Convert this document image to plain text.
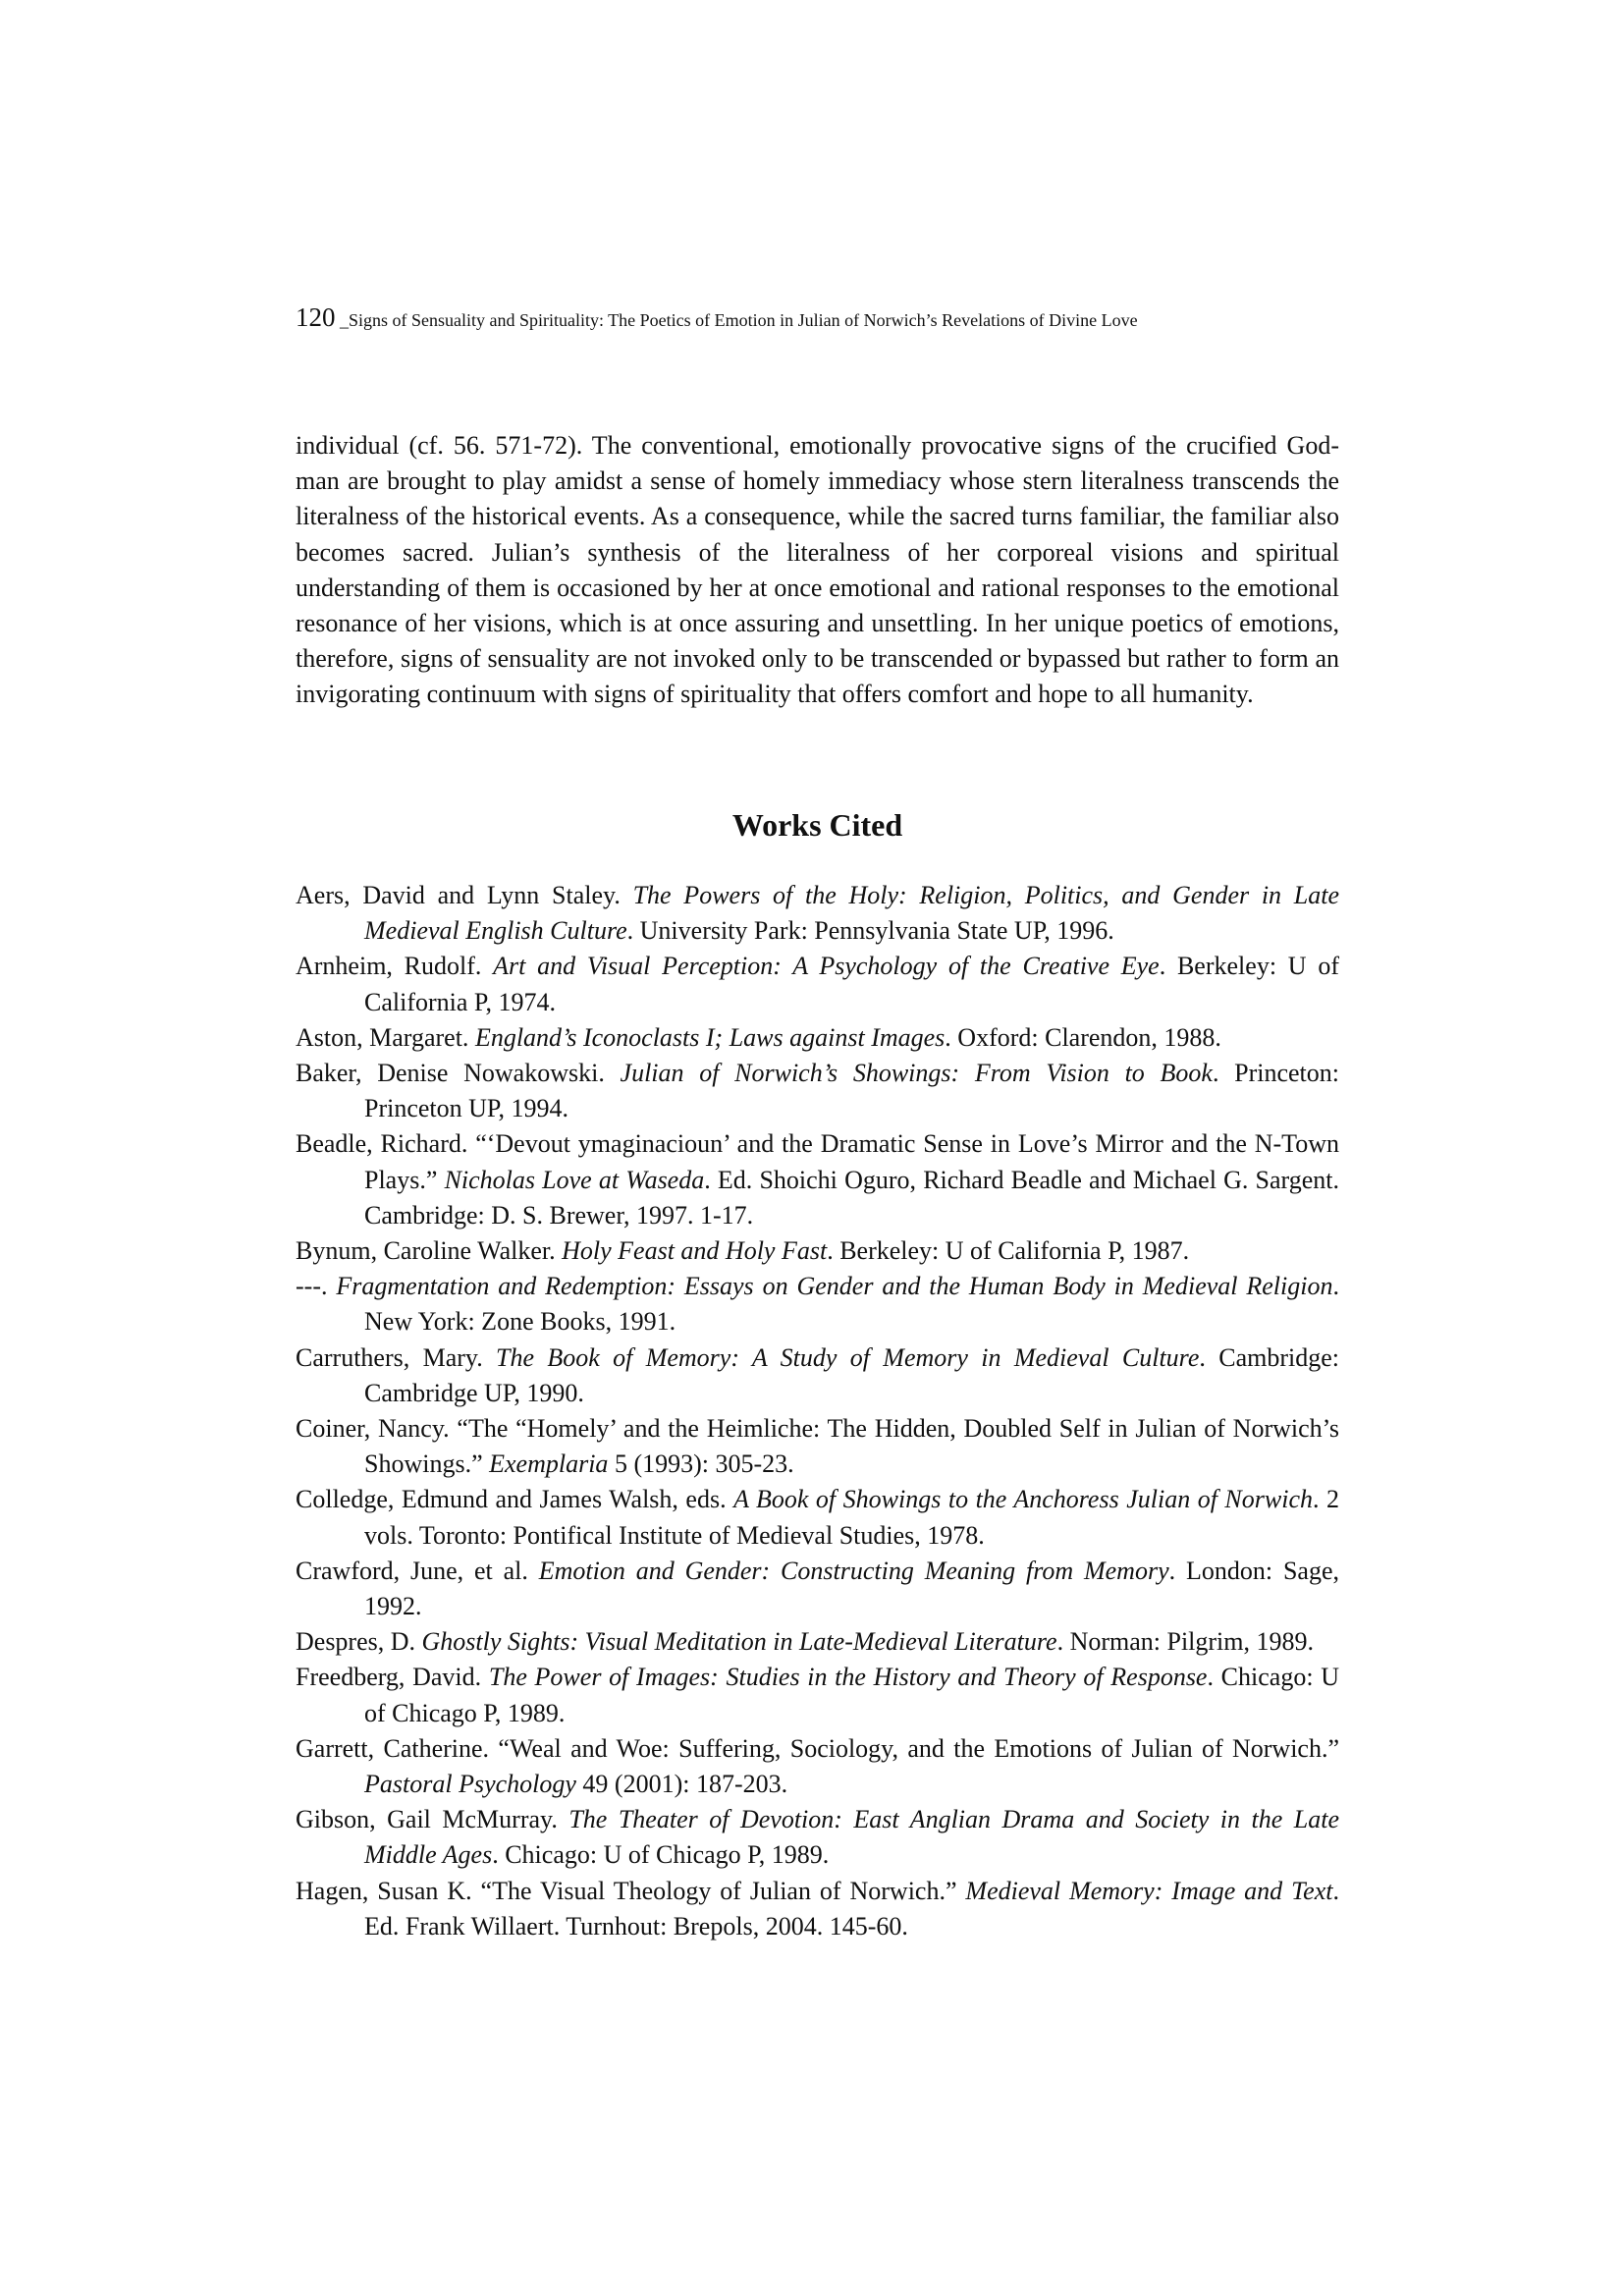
120 _Signs of Sensuality and Spirituality: The Poetics of Emotion in Julian of Norwich’s Revelations of Divine Love

individual (cf. 56. 571-72). The conventional, emotionally provocative signs of the crucified God-man are brought to play amidst a sense of homely immediacy whose stern literalness transcends the literalness of the historical events. As a consequence, while the sacred turns familiar, the familiar also becomes sacred. Julian’s synthesis of the literalness of her corporeal visions and spiritual understanding of them is occasioned by her at once emotional and rational responses to the emotional resonance of her visions, which is at once assuring and unsettling. In her unique poetics of emotions, therefore, signs of sensuality are not invoked only to be transcended or bypassed but rather to form an invigorating continuum with signs of spirituality that offers comfort and hope to all humanity.

Works Cited
Aers, David and Lynn Staley. The Powers of the Holy: Religion, Politics, and Gender in Late Medieval English Culture. University Park: Pennsylvania State UP, 1996.
Arnheim, Rudolf. Art and Visual Perception: A Psychology of the Creative Eye. Berkeley: U of California P, 1974.
Aston, Margaret. England’s Iconoclasts I; Laws against Images. Oxford: Clarendon, 1988.
Baker, Denise Nowakowski. Julian of Norwich’s Showings: From Vision to Book. Princeton: Princeton UP, 1994.
Beadle, Richard. “‘Devout ymaginacioun’ and the Dramatic Sense in Love’s Mirror and the N-Town Plays.” Nicholas Love at Waseda. Ed. Shoichi Oguro, Richard Beadle and Michael G. Sargent. Cambridge: D. S. Brewer, 1997. 1-17.
Bynum, Caroline Walker. Holy Feast and Holy Fast. Berkeley: U of California P, 1987.
---. Fragmentation and Redemption: Essays on Gender and the Human Body in Medieval Religion. New York: Zone Books, 1991.
Carruthers, Mary. The Book of Memory: A Study of Memory in Medieval Culture. Cambridge: Cambridge UP, 1990.
Coiner, Nancy. “The “Homely’ and the Heimliche: The Hidden, Doubled Self in Julian of Norwich’s Showings.” Exemplaria 5 (1993): 305-23.
Colledge, Edmund and James Walsh, eds. A Book of Showings to the Anchoress Julian of Norwich. 2 vols. Toronto: Pontifical Institute of Medieval Studies, 1978.
Crawford, June, et al. Emotion and Gender: Constructing Meaning from Memory. London: Sage, 1992.
Despres, D. Ghostly Sights: Visual Meditation in Late-Medieval Literature. Norman: Pilgrim, 1989.
Freedberg, David. The Power of Images: Studies in the History and Theory of Response. Chicago: U of Chicago P, 1989.
Garrett, Catherine. “Weal and Woe: Suffering, Sociology, and the Emotions of Julian of Norwich.” Pastoral Psychology 49 (2001): 187-203.
Gibson, Gail McMurray. The Theater of Devotion: East Anglian Drama and Society in the Late Middle Ages. Chicago: U of Chicago P, 1989.
Hagen, Susan K. “The Visual Theology of Julian of Norwich.” Medieval Memory: Image and Text. Ed. Frank Willaert. Turnhout: Brepols, 2004. 145-60.
